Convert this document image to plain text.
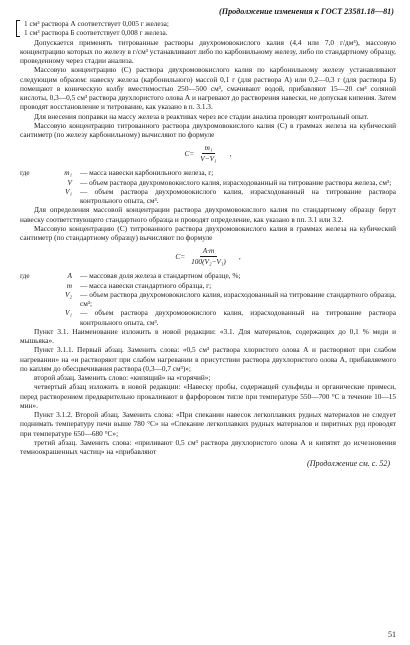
(Продолжение изменения к ГОСТ 23581.18—81)

1 см³ раствора А соответствует 0,005 г железа;

1 см³ раствора Б соответствует 0,008 г железа.

Допускается применять титрованные растворы двухромовокислого калия (4,4 или 7,0 г/дм³), массовую концентрацию которых по железу в г/см³ устанавливают либо по карбонильному железу, либо по стандартному образцу, проведенному через стадии анализа.

Массовую концентрацию (С) раствора двухромовокислого калия по карбонильному железу устанавливают следующим образом: навеску железа (карбонильного) массой 0,1 г (для раствора А) или 0,2—0,3 г (для раствора Б) помещают в коническую колбу вместимостью 250—500 см³, смачивают водой, прибавляют 15—20 см³ соляной кислоты, 0,3—0,5 см³ раствора двухлористого олова А и нагревают до растворения навески, не допуская кипения. Затем проводят восстановление и титрование, как указано в п. 3.1.3.

Для внесения поправки на массу железа в реактивах через все стадии анализа проводят контрольный опыт.

Массовую концентрацию титрованного раствора двухромовокислого калия (С) в граммах железа на кубический сантиметр (по железу карбонильному) вычисляют по формуле

$C= \frac{\text{m₁}}{\text{V−V₁}}$ ,
где	m₁	— масса навески карбонильного железа, г;
V	— объем раствора двухромовокислого калия, израсходованный на титрование раствора железа, см³;
V₁	— объем раствора двухромовокислого калия, израсходованный на титрование раствора контрольного опыта, см³.

Для определения массовой концентрации раствора двухромовокислого калия по стандартному образцу берут навеску соответствующего стандартного образца и проводят определение, как указано в пп. 3.1 или 3.2.

Массовую концентрацию (С) титрованного раствора двухромовокислого калия в граммах железа на кубический сантиметр (по стандартному образцу) вычисляют по формуле

$C= \frac{A\cdot m}{\text{100(V₂−V₁)}}$ ,
где	A	— массовая доля железа в стандартном образце, %;
m	— масса навески стандартного образца, г;
V₂	— объем раствора двухромовокислого калия, израсходованный на титрование стандартного образца, см³;
V₁	— объем раствора двухромовокислого калия, израсходованный на титрование раствора контрольного опыта, см³.

Пункт 3.1. Наименование изложить в новой редакции: «3.1. Для материалов, содержащих до 0,1 % меди и мышьяка».

Пункт 3.1.1. Первый абзац. Заменить слова: «0,5 см³ раствора хлористого олова А и растворяют при слабом нагревании» на «и растворяют при слабом нагревании в присутствии раствора двухлористого олова А, прибавляемого по каплям до обесцвечивания раствора (0,3—0,7 см³)»;

второй абзац. Заменить слово: «кипящий» на «горячий»;

четвертый абзац изложить в новой редакции: «Навеску пробы, содержащей сульфиды и органические примеси, перед растворением предварительно прокаливают в фарфоровом тигле при температуре 550—700 °С в течение 10—15 мин».

Пункт 3.1.2. Второй абзац. Заменить слова: «При спекании навесок легкоплавких рудных материалов не следует поднимать температуру печи выше 780 °С» на «Спекание легкоплавких рудных материалов и пиритных руд проводят при температуре 650—680 °С»;

третий абзац. Заменить слова: «приливают 0,5 см³ раствора двухлористого олова А и кипятят до исчезновения темноокрашенных частиц» на «прибавляют

(Продолжение см. с. 52)
51
